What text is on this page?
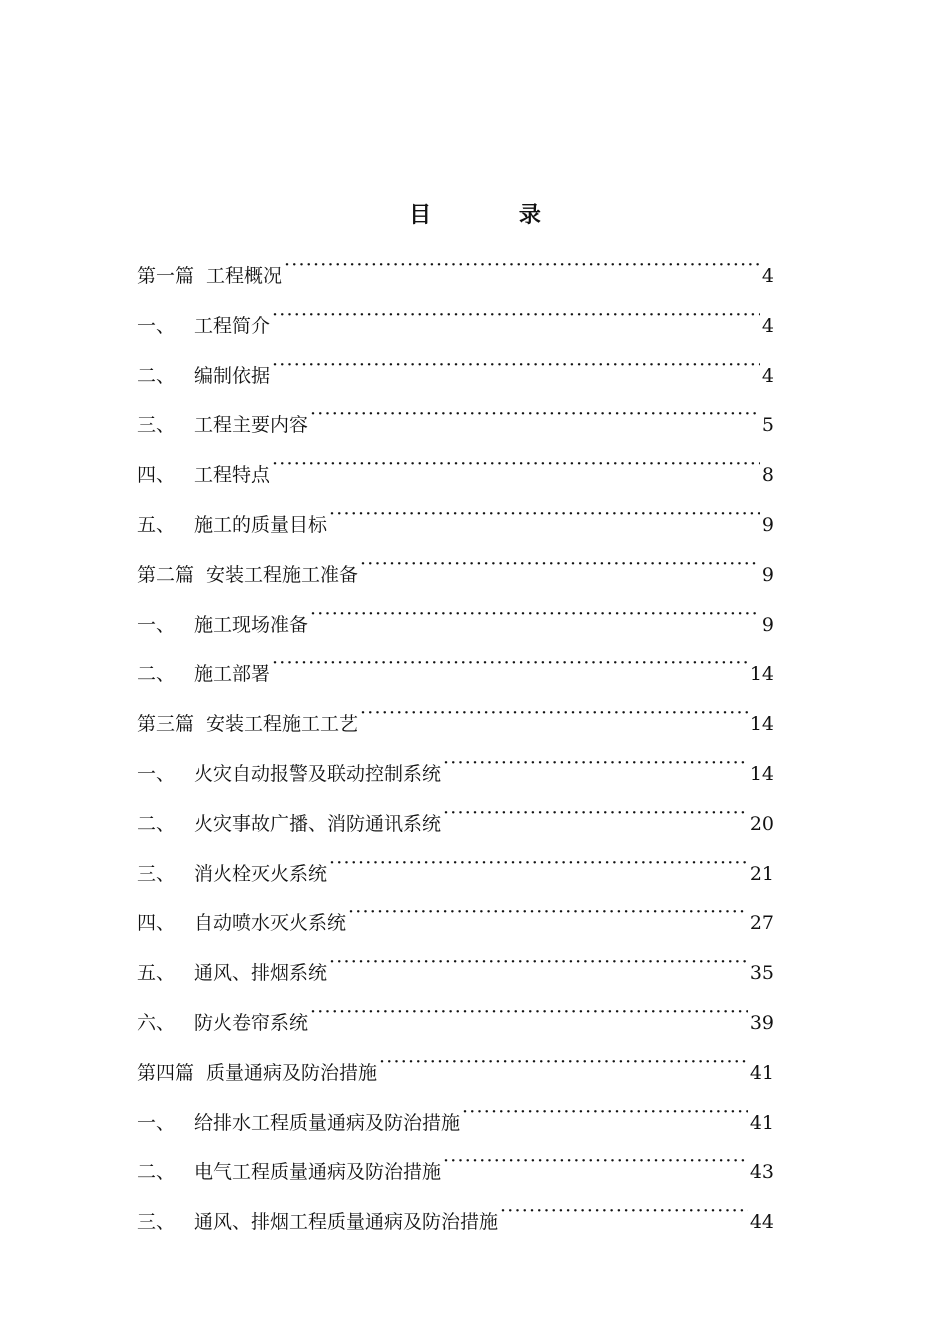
目 录
第一篇 工程概况 ·····	4
一、 工程简介 ·····	4
二、 编制依据 ·····	4
三、 工程主要内容 ·····	5
四、 工程特点 ·····	8
五、 施工的质量目标 ·····	9
第二篇 安装工程施工准备 ·····	9
一、 施工现场准备 ·····	9
二、 施工部署 ·····	14
第三篇 安装工程施工工艺 ·····	14
一、 火灾自动报警及联动控制系统 ·····	14
二、 火灾事故广播、消防通讯系统 ·····	20
三、 消火栓灭火系统 ·····	21
四、 自动喷水灭火系统 ·····	27
五、 通风、排烟系统 ·····	35
六、 防火卷帘系统 ·····	39
第四篇 质量通病及防治措施 ·····	41
一、 给排水工程质量通病及防治措施 ·····	41
二、 电气工程质量通病及防治措施 ·····	43
三、 通风、排烟工程质量通病及防治措施 ·····	44
